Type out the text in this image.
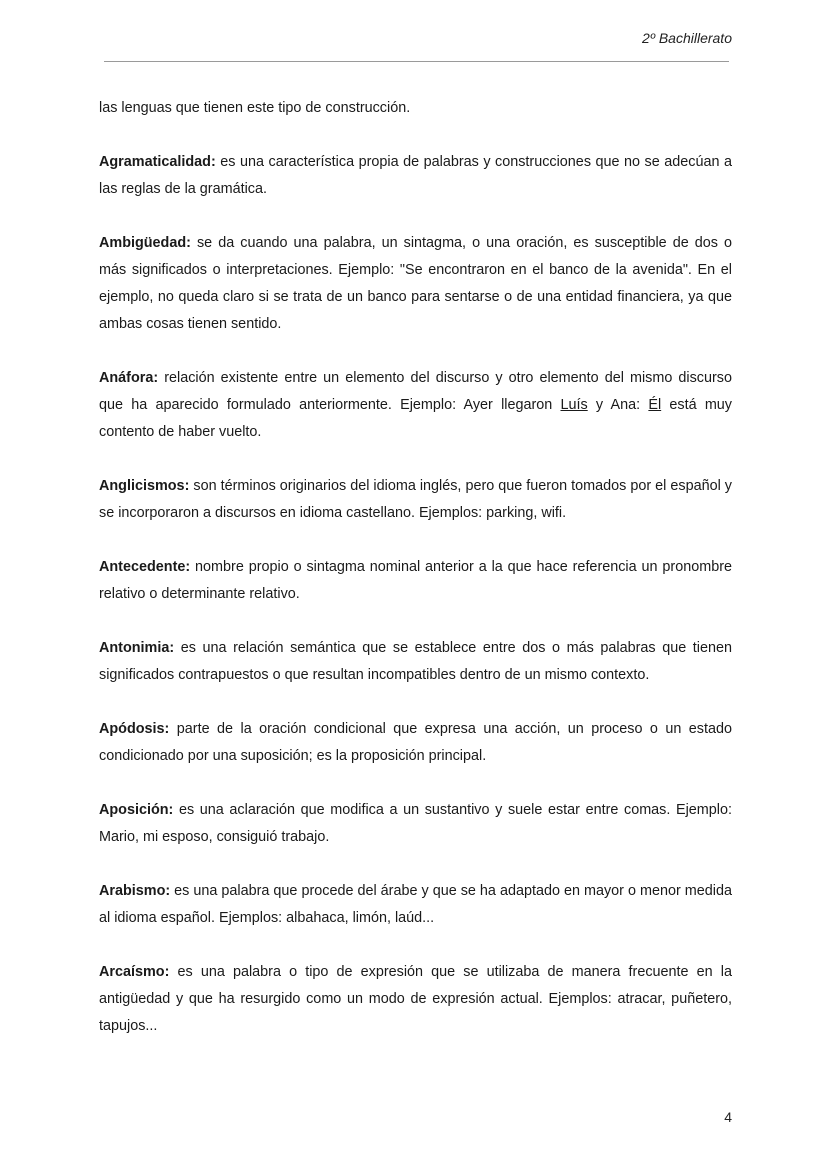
2º Bachillerato

las lenguas que tienen este tipo de construcción.

Agramaticalidad: es una característica propia de palabras y construcciones que no se adecúan a las reglas de la gramática.

Ambigüedad: se da cuando una palabra, un sintagma, o una oración, es susceptible de dos o más significados o interpretaciones. Ejemplo: "Se encontraron en el banco de la avenida". En el ejemplo, no queda claro si se trata de un banco para sentarse o de una entidad financiera, ya que ambas cosas tienen sentido.

Anáfora: relación existente entre un elemento del discurso y otro elemento del mismo discurso que ha aparecido formulado anteriormente. Ejemplo: Ayer llegaron Luís y Ana: Él está muy contento de haber vuelto.

Anglicismos: son términos originarios del idioma inglés, pero que fueron tomados por el español y se incorporaron a discursos en idioma castellano. Ejemplos: parking, wifi.

Antecedente: nombre propio o sintagma nominal anterior a la que hace referencia un pronombre relativo o determinante relativo.

Antonimia: es una relación semántica que se establece entre dos o más palabras que tienen significados contrapuestos o que resultan incompatibles dentro de un mismo contexto.

Apódosis: parte de la oración condicional que expresa una acción, un proceso o un estado condicionado por una suposición; es la proposición principal.

Aposición: es una aclaración que modifica a un sustantivo y suele estar entre comas. Ejemplo: Mario, mi esposo, consiguió trabajo.

Arabismo: es una palabra que procede del árabe y que se ha adaptado en mayor o menor medida al idioma español. Ejemplos: albahaca, limón, laúd...

Arcaísmo: es una palabra o tipo de expresión que se utilizaba de manera frecuente en la antigüedad y que ha resurgido como un modo de expresión actual. Ejemplos: atracar, puñetero, tapujos...

4
